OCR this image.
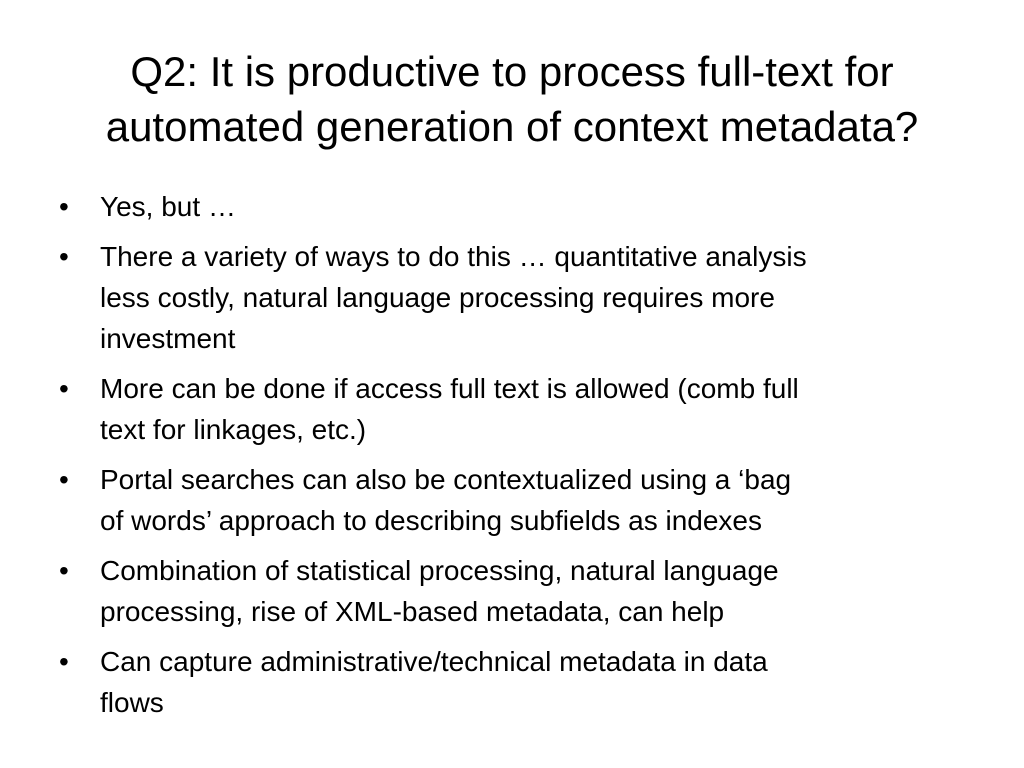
Q2: It is productive to process full-text for
automated generation of context metadata?
•	Yes, but …
•	There a variety of ways to do this … quantitative analysis
less costly, natural language processing requires more
investment
•	More can be done if access full text is allowed (comb full
text for linkages, etc.)
•	Portal searches can also be contextualized using a ‘bag
of words’ approach to describing subfields as indexes
•	Combination of statistical processing, natural language
processing, rise of XML-based metadata, can help
•	Can capture administrative/technical metadata in data
flows
